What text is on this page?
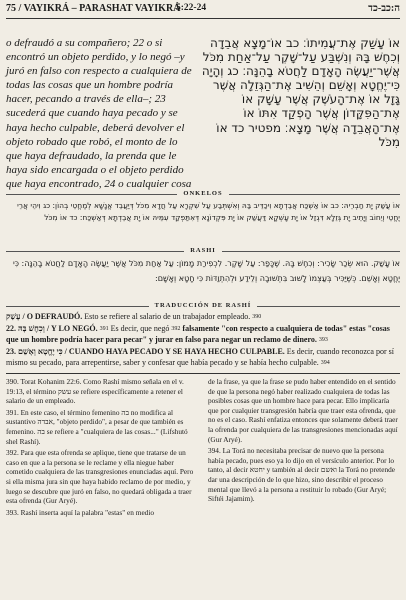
75 / VAYIKRÁ – PARASHAT VAYIKRÁ
5:22-24	ה:כב-כד
o defraudó a su compañero; 22 o si encontró un objeto perdido, y lo negó –y juró en falso con respecto a cualquiera de todas las cosas que un hombre podría hacer, pecando a través de ella–; 23 sucederá que cuando haya pecado y se haya hecho culpable, deberá devolver el objeto robado que robó, el monto de lo que haya defraudado, la prenda que le haya sido encargada o el objeto perdido que haya encontrado, 24 o cualquier cosa
אוֹ עָשַׁק אֶת־עֲמִיתוֹ׃ כב אוֹ־מָצָא אֲבֵדָה וְכִחֶשׁ בָּהּ וְנִשְׁבַּע עַל־שָׁקֶר עַל־אַחַת מִכֹּל אֲשֶׁר־יַעֲשֶׂה הָאָדָם לַחֲטֹא בָהֵנָּה׃ כג וְהָיָה כִּי־יֶחֱטָא וְאָשֵׁם וְהֵשִׁיב אֶת־הַגְּזֵלָה אֲשֶׁר גָּזָל אוֹ אֶת־הָעֹשֶׁק אֲשֶׁר עָשָׁק אוֹ אֶת־הַפִּקָּדוֹן אֲשֶׁר הָפְקַד אִתּוֹ אוֹ אֶת־הָאֲבֵדָה אֲשֶׁר מָצָא׃ מפטיר כד אוֹ מִכֹּל
ONKELOS
אוֹ עֲשַׁק יָת חַבְרֵיהּ: כב אוֹ אַשְׁכַּח אֲבֵדְתָא וִיכַדֵּיב בַּהּ וְאִשְׁתְּבַע עַל שִׁקְרָא עַל חֲדָא מִכֹּל דְּיַעֲבֵד אֱנָשָׁא לְמֶחֱטֵי בְהוֹן: כג וִיהֵי אֲרֵי יֶחֱטֵי וְיֵחוֹב וְיָתֵיב יָת גְּזֵלָא דִּגְזַל אוֹ יָת עָשְׁקָא דַּעֲשַׁק אוֹ יָת פִּקְדוֹנָא דְּאִתַּפְקַד עִמֵּיהּ אוֹ יָת אֲבֵדְתָא דְּאַשְׁכַּח: כד אוֹ מִכֹּל
RASHI
אוֹ עָשַׁק. הוּא שְׂכַר שָׂכִיר: וְכִחֶשׁ בָּהּ. שֶׁכָּפַר: עַל שָׁקֶר. לִכְפִירַת מָמוֹן: עַל אַחַת מִכֹּל אֲשֶׁר יַעֲשֶׂה הָאָדָם לַחֲטֹא בָהֵנָּה: כִּי יֶחֱטָא וְאָשֵׁם. כְּשֶׁיַּכִּיר בְּעַצְמוֹ לָשׁוּב בִּתְשׁוּבָה וְלֵידַע וּלְהִתְוַדּוֹת כִּי חָטָא וְאָשָׁם:
TRADUCCIÓN DE RASHÍ
עָשַׁק / O DEFRAUDÓ. Esto se refiere al salario de un trabajador empleado. $^{390}$
22. וְכִחֶשׁ בָּהּ / Y LO NEGÓ. $^{391}$ Es decir, que negó $^{392}$ falsamente "con respecto a cualquiera de todas" estas "cosas que un hombre podría hacer para pecar" y jurar en falso para negar un reclamo de dinero. $^{393}$
23. כִּי יֶחֱטָא וְאָשֵׁם / CUANDO HAYA PECADO Y SE HAYA HECHO CULPABLE. Es decir, cuando reconozca por sí mismo su pecado, para arrepentirse, saber y confesar que había pecado y se había hecho culpable. $^{394}$

390. Torat Kohanim 22:6. Como Rashí mismo señala en el v. 19:13, el término עשק se refiere específicamente a retener el salario de un empleado.

391. En este caso, el término femenino בה no modifica al sustantivo אבדה, "objeto perdido", a pesar de que también es femenino. בה se refiere a "cualquiera de las cosas..." (Lifshutó shel Rashí).

392. Para que esta ofrenda se aplique, tiene que tratarse de un caso en que a la persona se le reclame y ella niegue haber cometido cualquiera de las transgresiones enunciadas aquí. Pero si ella misma jura sin que haya habido reclamo de por medio, y luego se descubre que juró en falso, no quedará obligada a traer esta ofrenda (Gur Aryé).

393. Rashí inserta aquí la palabra "estas" en medio

de la frase, ya que la frase se pudo haber entendido en el sentido de que la persona negó haber realizado cualquiera de todas las posibles cosas que un hombre hace para pecar. Ello implicaría que por cualquier transgresión habría que traer esta ofrenda, que no es el caso. Rashí enfatiza entonces que solamente deberá traer la ofrenda por cualquiera de las transgresiones mencionadas aquí (Gur Aryé).

394. La Torá no necesitaba precisar de nuevo que la persona había pecado, pues eso ya lo dijo en el versículo anterior. Por lo tanto, al decir יחטא y también al decir ואשם la Torá no pretende dar una descripción de lo que hizo, sino describir el proceso mental que llevó a la persona a restituir lo robado (Gur Aryé; Siftéi Jajamim).
